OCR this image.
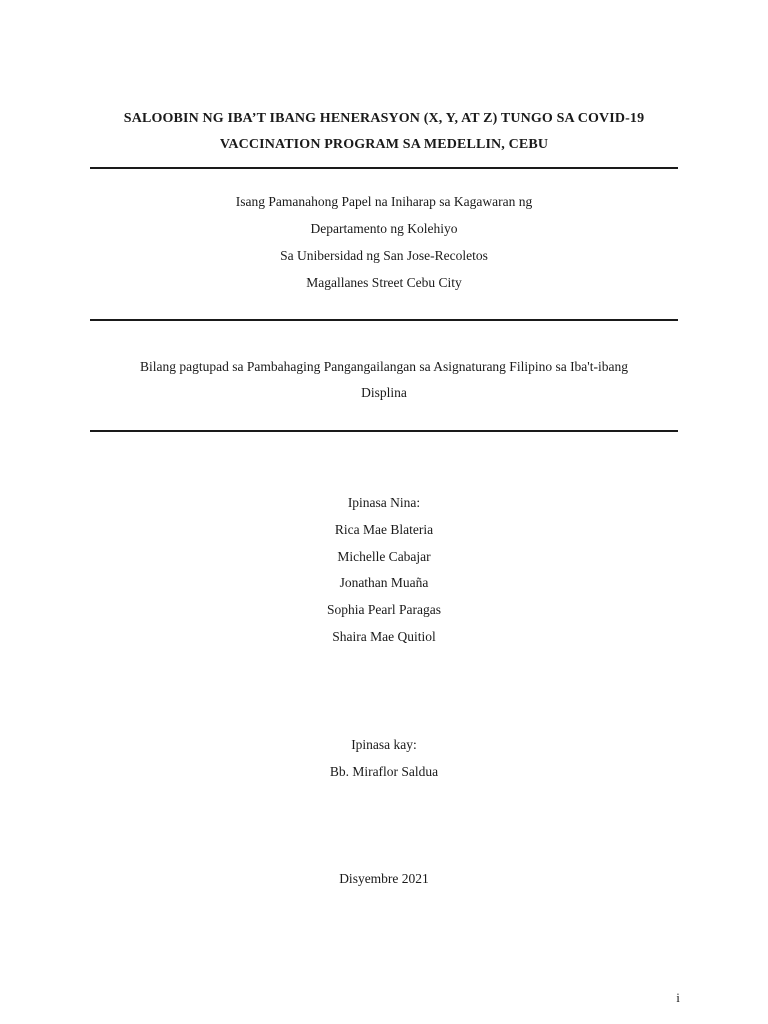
SALOOBIN NG IBA’T IBANG HENERASYON (X, Y, AT Z) TUNGO SA COVID-19
VACCINATION PROGRAM SA MEDELLIN, CEBU
Isang Pamanahong Papel na Iniharap sa Kagawaran ng
Departamento ng Kolehiyo
Sa Unibersidad ng San Jose-Recoletos
Magallanes Street Cebu City
Bilang pagtupad sa Pambahaging Pangangailangan sa Asignaturang Filipino sa Iba't-ibang
Displina
Ipinasa Nina:
Rica Mae Blateria
Michelle Cabajar
Jonathan Muaña
Sophia Pearl Paragas
Shaira Mae Quitiol
Ipinasa kay:
Bb. Miraflor Saldua
Disyembre 2021
i
